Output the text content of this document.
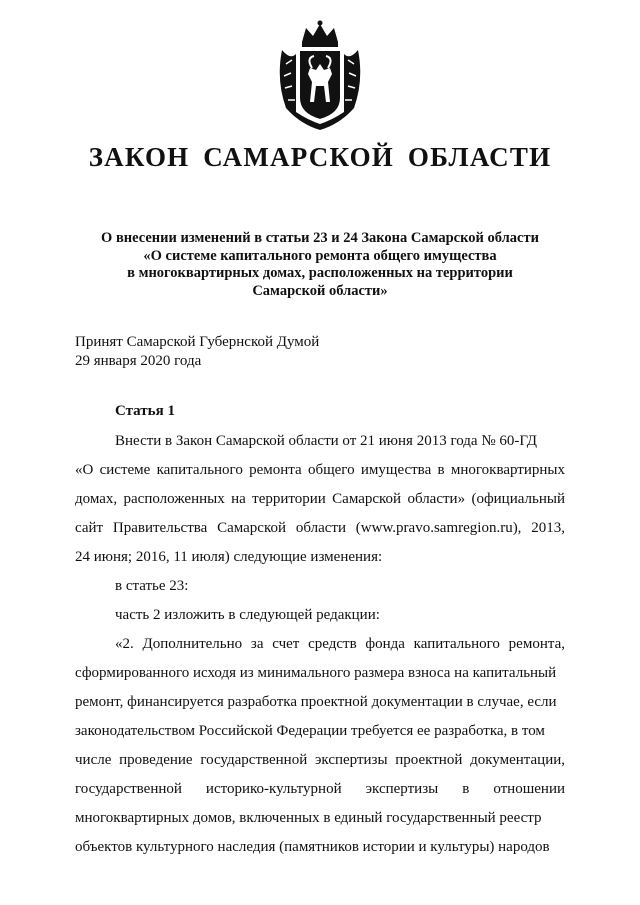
ЗАКОН САМАРСКОЙ ОБЛАСТИ
О внесении изменений в статьи 23 и 24 Закона Самарской области
«О системе капитального ремонта общего имущества
в многоквартирных домах, расположенных на территории
Самарской области»
Принят Самарской Губернской Думой
29 января 2020 года
Статья 1
Внести в Закон Самарской области от 21 июня 2013 года № 60-ГД
«О системе капитального ремонта общего имущества в многоквартирных
домах, расположенных на территории Самарской области» (официальный
сайт Правительства Самарской области (www.pravo.samregion.ru), 2013,
24 июня; 2016, 11 июля) следующие изменения:
в статье 23:
часть 2 изложить в следующей редакции:
«2. Дополнительно за счет средств фонда капитального ремонта,
сформированного исходя из минимального размера взноса на капитальный
ремонт, финансируется разработка проектной документации в случае, если
законодательством Российской Федерации требуется ее разработка, в том
числе проведение государственной экспертизы проектной документации,
государственной историко-культурной экспертизы в отношении
многоквартирных домов, включенных в единый государственный реестр
объектов культурного наследия (памятников истории и культуры) народов
